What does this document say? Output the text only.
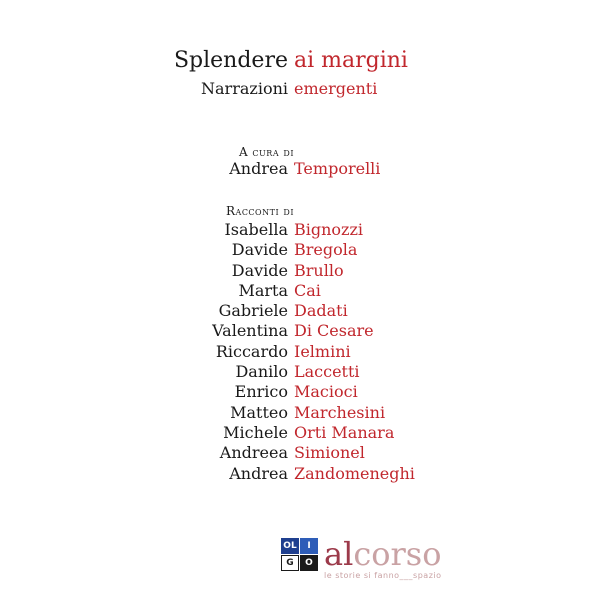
Splendere ai margini
Narrazioni emergenti
A cura di
Andrea Temporelli
Racconti di
Isabella Bignozzi
Davide Bregola
Davide Brullo
Marta Cai
Gabriele Dadati
Valentina Di Cesare
Riccardo Ielmini
Danilo Laccetti
Enrico Macioci
Matteo Marchesini
Michele Orti Manara
Andreea Simionel
Andrea Zandomeneghi
OL	I
G	O alcorso
le storie si fanno___spazio
